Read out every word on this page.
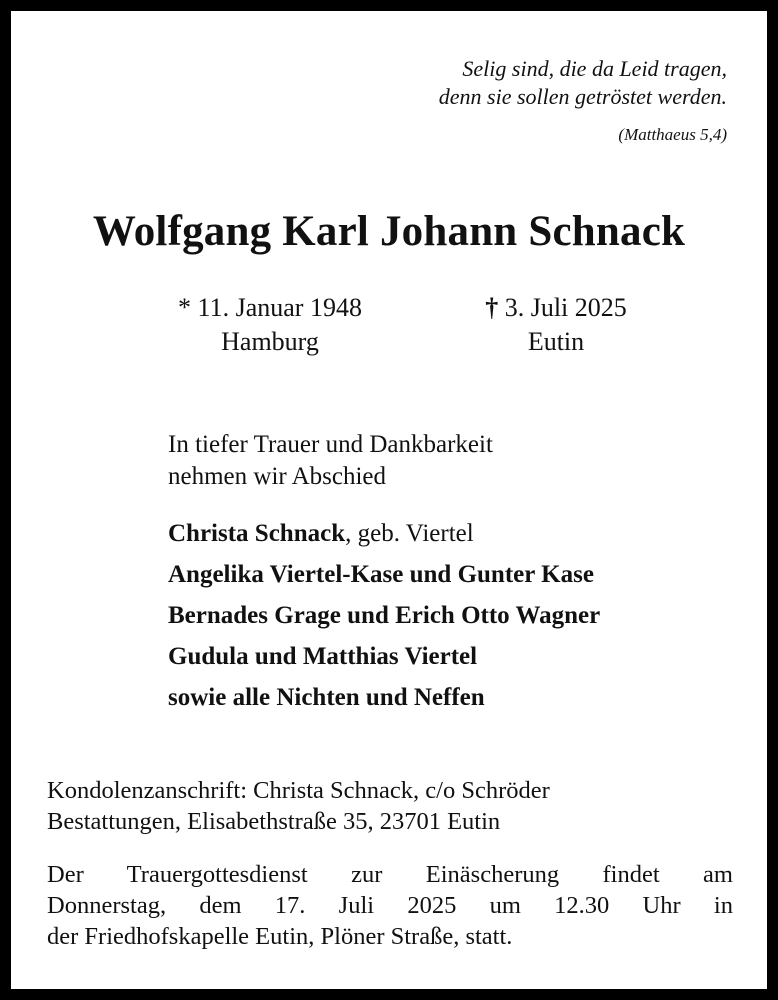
Selig sind, die da Leid tragen,
denn sie sollen getröstet werden.
(Matthaeus 5,4)
Wolfgang Karl Johann Schnack
* 11. Januar 1948
Hamburg
† 3. Juli 2025
Eutin
In tiefer Trauer und Dankbarkeit
nehmen wir Abschied
Christa Schnack, geb. Viertel
Angelika Viertel-Kase und Gunter Kase
Bernades Grage und Erich Otto Wagner
Gudula und Matthias Viertel
sowie alle Nichten und Neffen
Kondolenzanschrift: Christa Schnack, c/o Schröder
Bestattungen, Elisabethstraße 35, 23701 Eutin
Der Trauergottesdienst zur Einäscherung findet am
Donnerstag, dem 17. Juli 2025 um 12.30 Uhr in
der Friedhofskapelle Eutin, Plöner Straße, statt.
